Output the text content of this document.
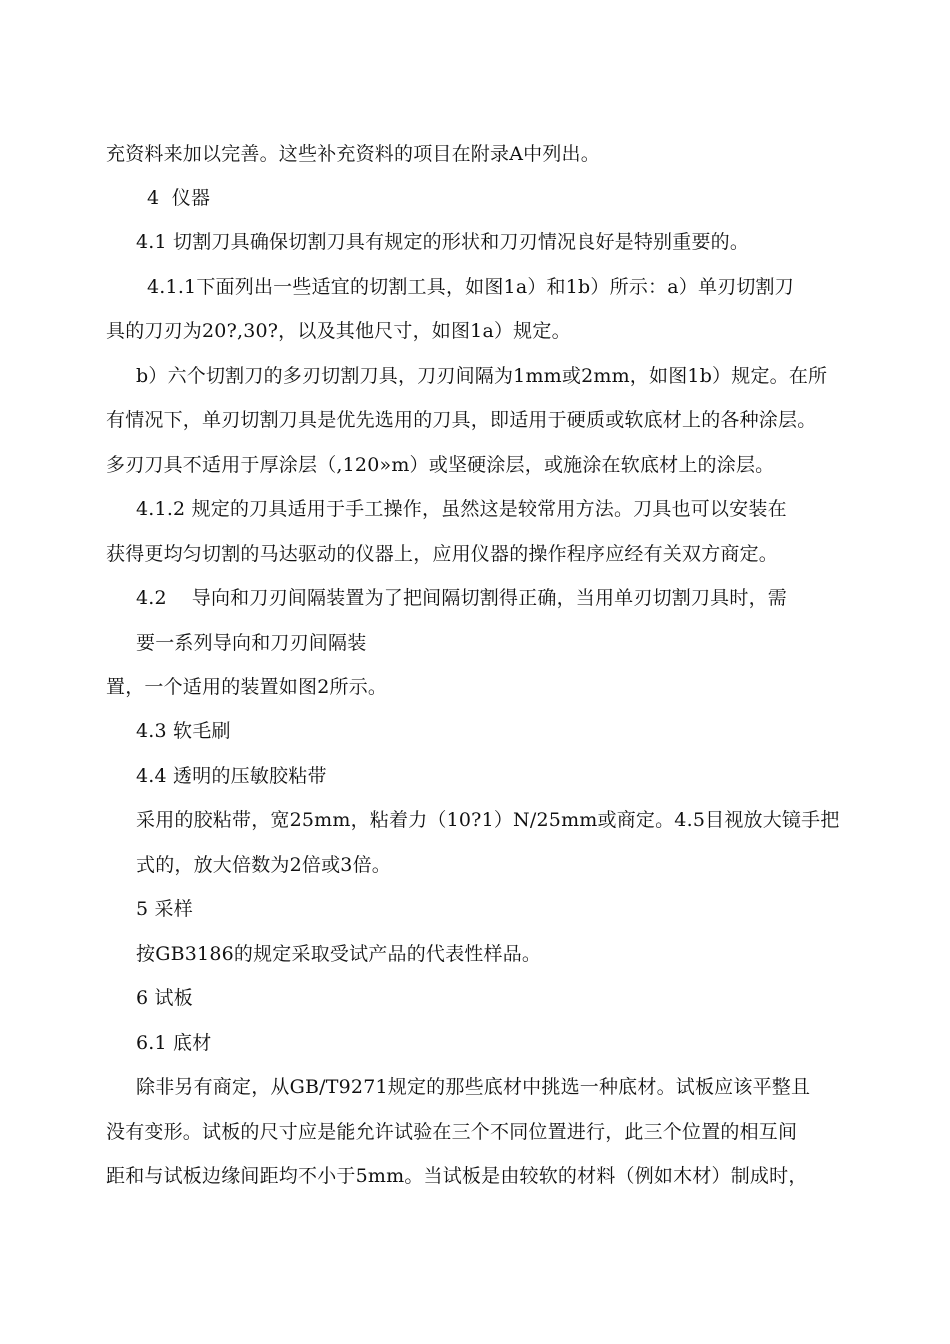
充资料来加以完善。这些补充资料的项目在附录A中列出。
4  仪器
4.1 切割刀具确保切割刀具有规定的形状和刀刃情况良好是特别重要的。
4.1.1下面列出一些适宜的切割工具，如图1a）和1b）所示：a）单刃切割刀
具的刀刃为20?,30?，以及其他尺寸，如图1a）规定。
b）六个切割刀的多刃切割刀具，刀刃间隔为1mm或2mm，如图1b）规定。在所
有情况下，单刃切割刀具是优先选用的刀具，即适用于硬质或软底材上的各种涂层。
多刃刀具不适用于厚涂层（,120»m）或坚硬涂层，或施涂在软底材上的涂层。
4.1.2 规定的刀具适用于手工操作，虽然这是较常用方法。刀具也可以安装在
获得更均匀切割的马达驱动的仪器上，应用仪器的操作程序应经有关双方商定。
4.2    导向和刀刃间隔装置为了把间隔切割得正确，当用单刃切割刀具时，需
要一系列导向和刀刃间隔装
置，一个适用的装置如图2所示。
4.3 软毛刷
4.4 透明的压敏胶粘带
采用的胶粘带，宽25mm，粘着力（10?1）N/25mm或商定。4.5目视放大镜手把
式的，放大倍数为2倍或3倍。
5 采样
按GB3186的规定采取受试产品的代表性样品。
6 试板
6.1 底材
除非另有商定，从GB/T9271规定的那些底材中挑选一种底材。试板应该平整且
没有变形。试板的尺寸应是能允许试验在三个不同位置进行，此三个位置的相互间
距和与试板边缘间距均不小于5mm。当试板是由较软的材料（例如木材）制成时，
